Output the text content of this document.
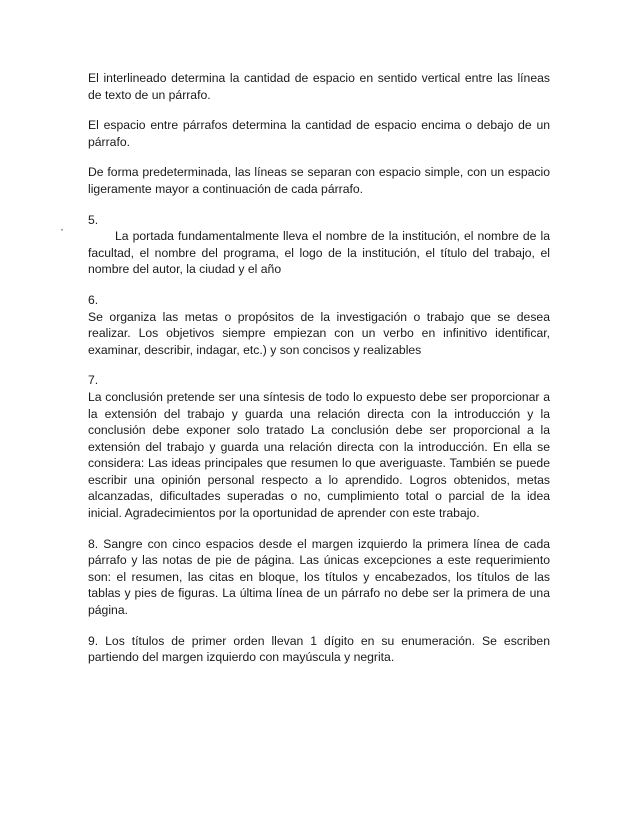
·

El interlineado determina la cantidad de espacio en sentido vertical entre las líneas de texto de un párrafo.

El espacio entre párrafos determina la cantidad de espacio encima o debajo de un párrafo.

De forma predeterminada, las líneas se separan con espacio simple, con un espacio ligeramente mayor a continuación de cada párrafo.

5.
La portada fundamentalmente lleva el nombre de la institución, el nombre de la facultad, el nombre del programa, el logo de la institución, el título del trabajo, el nombre del autor, la ciudad y el año
6.
Se organiza las metas o propósitos de la investigación o trabajo que se desea realizar. Los objetivos siempre empiezan con un verbo en infinitivo identificar, examinar, describir, indagar, etc.) y son concisos y realizables
7.
La conclusión pretende ser una síntesis de todo lo expuesto debe ser proporcionar a la extensión del trabajo y guarda una relación directa con la introducción y la conclusión debe exponer solo tratado La conclusión debe ser proporcional a la extensión del trabajo y guarda una relación directa con la introducción. En ella se considera: Las ideas principales que resumen lo que averiguaste. También se puede escribir una opinión personal respecto a lo aprendido. Logros obtenidos, metas alcanzadas, dificultades superadas o no, cumplimiento total o parcial de la idea inicial. Agradecimientos por la oportunidad de aprender con este trabajo.

8. Sangre con cinco espacios desde el margen izquierdo la primera línea de cada párrafo y las notas de pie de página. Las únicas excepciones a este requerimiento son: el resumen, las citas en bloque, los títulos y encabezados, los títulos de las tablas y pies de figuras. La última línea de un párrafo no debe ser la primera de una página.

9. Los títulos de primer orden llevan 1 dígito en su enumeración. Se escriben partiendo del margen izquierdo con mayúscula y negrita.
